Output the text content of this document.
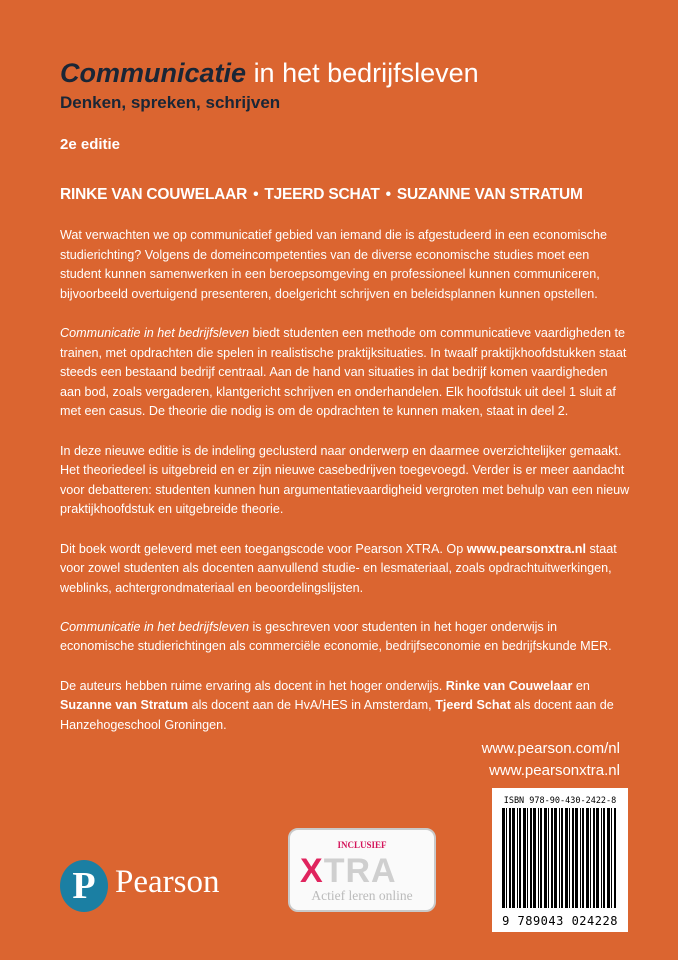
Communicatie in het bedrijfsleven
Denken, spreken, schrijven
2e editie
RINKE VAN COUWELAAR • TJEERD SCHAT • SUZANNE VAN STRATUM

Wat verwachten we op communicatief gebied van iemand die is afgestudeerd in een economische studierichting? Volgens de domeincompetenties van de diverse economische studies moet een student kunnen samenwerken in een beroepsomgeving en professioneel kunnen communiceren, bijvoorbeeld overtuigend presenteren, doelgericht schrijven en beleidsplannen kunnen opstellen.

Communicatie in het bedrijfsleven biedt studenten een methode om communicatieve vaardigheden te trainen, met opdrachten die spelen in realistische praktijksituaties. In twaalf praktijkhoofdstukken staat steeds een bestaand bedrijf centraal. Aan de hand van situaties in dat bedrijf komen vaardigheden aan bod, zoals vergaderen, klantgericht schrijven en onderhandelen. Elk hoofdstuk uit deel 1 sluit af met een casus. De theorie die nodig is om de opdrachten te kunnen maken, staat in deel 2.

In deze nieuwe editie is de indeling geclusterd naar onderwerp en daarmee overzichtelijker gemaakt. Het theoriedeel is uitgebreid en er zijn nieuwe casebedrijven toegevoegd. Verder is er meer aandacht voor debatteren: studenten kunnen hun argumentatievaardigheid vergroten met behulp van een nieuw praktijkhoofdstuk en uitgebreide theorie.

Dit boek wordt geleverd met een toegangscode voor Pearson XTRA. Op www.pearsonxtra.nl staat voor zowel studenten als docenten aanvullend studie- en lesmateriaal, zoals opdrachtuitwerkingen, weblinks, achtergrondmateriaal en beoordelingslijsten.

Communicatie in het bedrijfsleven is geschreven voor studenten in het hoger onderwijs in economische studierichtingen als commerciële economie, bedrijfseconomie en bedrijfskunde MER.

De auteurs hebben ruime ervaring als docent in het hoger onderwijs. Rinke van Couwelaar en Suzanne van Stratum als docent aan de HvA/HES in Amsterdam, Tjeerd Schat als docent aan de Hanzehogeschool Groningen.

www.pearson.com/nl
www.pearsonxtra.nl
ISBN 978-90-430-2422-8
9 789043 024228
INCLUSIEF
XTRA
Actief leren online
P Pearson
